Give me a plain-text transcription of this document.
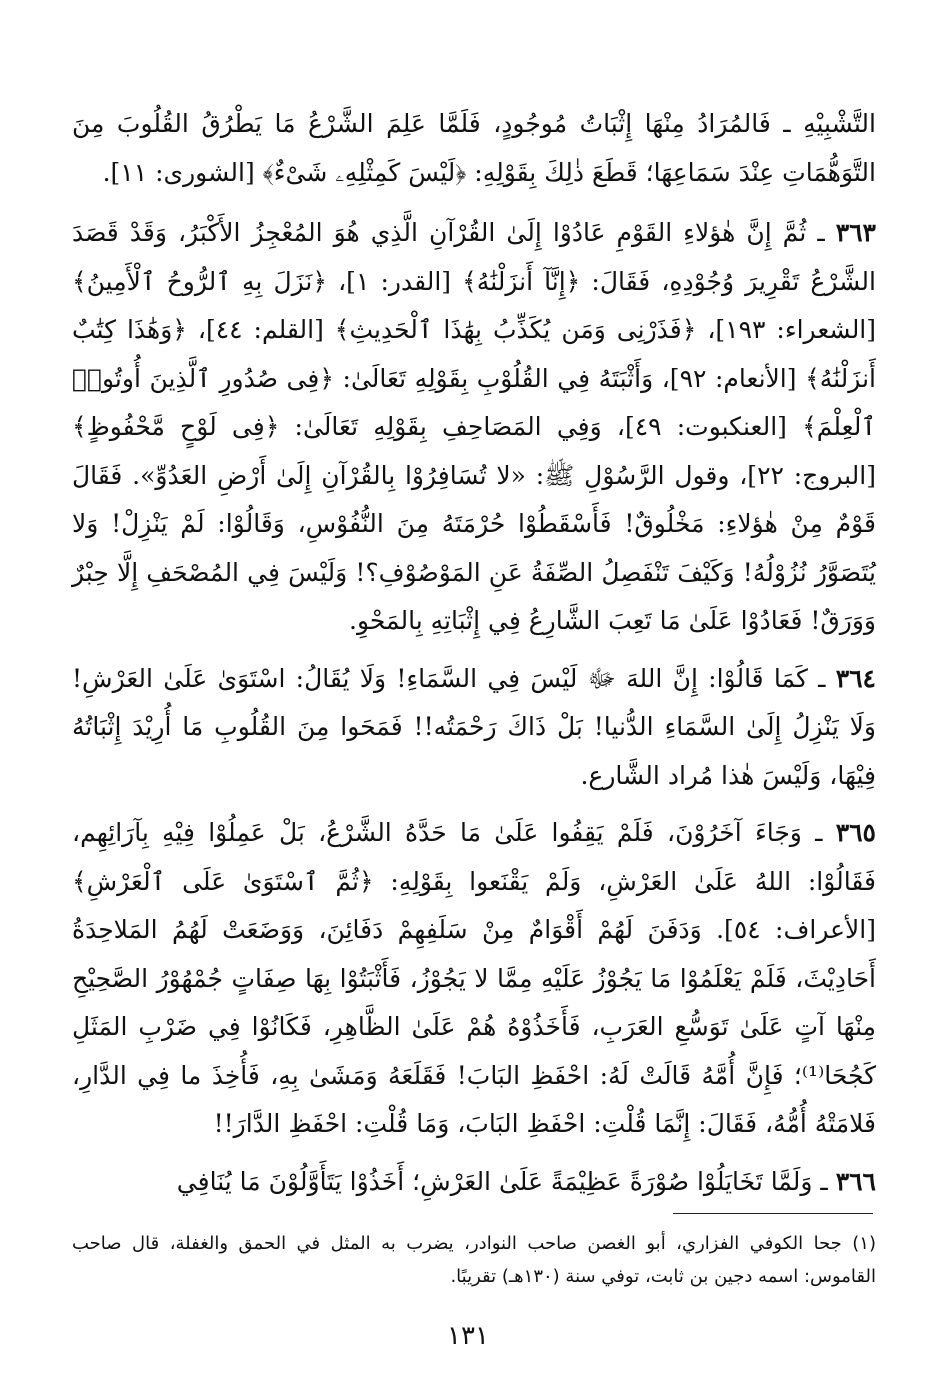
التَّشْبِيْهِ ـ فَالمُرَادُ مِنْهَا إِثْبَاتُ مُوجُودٍ، فَلَمَّا عَلِمَ الشَّرْعُ مَا يَطْرُقُ القُلُوبَ مِنَ التَّوَهُّمَاتِ عِنْدَ سَمَاعِهَا؛ قَطَعَ ذٰلِكَ بِقَوْلِهِ: ﴿لَيْسَ كَمِثْلِهِۦ شَىْءٌ﴾ [الشورى: ١١].

٣٦٣ ـ ثُمَّ إِنَّ هٰؤلاءِ القَوْمِ عَادُوْا إِلَىٰ القُرْآنِ الَّذِي هُوَ المُعْجِزُ الأَكْبَرُ، وَقَدْ قَصَدَ الشَّرْعُ تَقْرِيرَ وُجُوْدِهِ، فَقَالَ: ﴿إِنَّآ أَنزَلْنَٰهُ﴾ [القدر: ١]، ﴿نَزَلَ بِهِ ٱلرُّوحُ ٱلْأَمِينُ﴾ [الشعراء: ١٩٣]، ﴿فَذَرْنِى وَمَن يُكَذِّبُ بِهَٰذَا ٱلْحَدِيثِ﴾ [القلم: ٤٤]، ﴿وَهَٰذَا كِتَٰبٌ أَنزَلْنَٰهُ﴾ [الأنعام: ٩٢]، وَأَثْبَتَهُ فِي القُلُوْبِ بِقَوْلِهِ تَعَالَىٰ: ﴿فِى صُدُورِ ٱلَّذِينَ أُوتُوا۟ ٱلْعِلْمَ﴾ [العنكبوت: ٤٩]، وَفِي المَصَاحِفِ بِقَوْلِهِ تَعَالَىٰ: ﴿فِى لَوْحٍ مَّحْفُوظٍ﴾ [البروج: ٢٢]، وقول الرَّسُوْلِ ﷺ: «لا تُسَافِرُوْا بِالقُرْآنِ إِلَىٰ أَرْضِ العَدُوِّ». فَقَالَ قَوْمٌ مِنْ هٰؤلاءِ: مَخْلُوقٌ! فَأَسْقَطُوْا حُرْمَتَهُ مِنَ النُّفُوْسِ، وَقَالُوْا: لَمْ يَنْزِلْ! وَلا يُتَصَوَّرُ نُزُوْلُهُ! وَكَيْفَ تَنْفَصِلُ الصِّفَةُ عَنِ المَوْصُوْفِ؟! وَلَيْسَ فِي المُصْحَفِ إِلَّا حِبْرٌ وَوَرَقٌ! فَعَادُوْا عَلَىٰ مَا تَعِبَ الشَّارِعُ فِي إِثْبَاتِهِ بِالمَحْوِ.

٣٦٤ ـ كَمَا قَالُوْا: إِنَّ اللهَ ﷻ لَيْسَ فِي السَّمَاءِ! وَلَا يُقَالُ: اسْتَوَىٰ عَلَىٰ العَرْشِ! وَلَا يَنْزِلُ إِلَىٰ السَّمَاءِ الدُّنيا! بَلْ ذَاكَ رَحْمَتُه!! فَمَحَوا مِنَ القُلُوبِ مَا أُرِيْدَ إِثْبَاتُهُ فِيْهَا، وَلَيْسَ هٰذا مُراد الشَّارع.

٣٦٥ ـ وَجَاءَ آخَرُوْنَ، فَلَمْ يَقِفُوا عَلَىٰ مَا حَدَّهُ الشَّرْعُ، بَلْ عَمِلُوْا فِيْهِ بِآرَائِهِم، فَقَالُوْا: اللهُ عَلَىٰ العَرْشِ، وَلَمْ يَقْنَعوا بِقَوْلِهِ: ﴿ثُمَّ ٱسْتَوَىٰ عَلَى ٱلْعَرْشِ﴾ [الأعراف: ٥٤]. وَدَفَنَ لَهُمْ أَقْوَامٌ مِنْ سَلَفِهِمْ دَفَائِنَ، وَوَضَعَتْ لَهُمُ المَلاحِدَةُ أَحَادِيْثَ، فَلَمْ يَعْلَمُوْا مَا يَجُوْزُ عَلَيْهِ مِمَّا لا يَجُوْزُ، فَأَثْبَتُوْا بِهَا صِفَاتٍ جُمْهُوْرُ الصَّحِيْحِ مِنْهَا آتٍ عَلَىٰ تَوَسُّعِ العَرَبِ، فَأَخَذُوْهُ هُمْ عَلَىٰ الظَّاهِرِ، فَكَانُوْا فِي ضَرْبِ المَثَلِ كَجُحَا⁽¹⁾؛ فَإِنَّ أُمَّهُ قَالَتْ لَهُ: احْفَظِ البَابَ! فَقَلَعَهُ وَمَشَىٰ بِهِ، فَأُخِذَ ما فِي الدَّارِ، فَلامَتْهُ أُمُّهُ، فَقَالَ: إِنَّمَا قُلْتِ: احْفَظِ البَابَ، وَمَا قُلْتِ: احْفَظِ الدَّارَ!!

٣٦٦ ـ وَلَمَّا تَخَايَلُوْا صُوْرَةً عَظِيْمَةً عَلَىٰ العَرْشِ؛ أَخَذُوْا يَتَأَوَّلُوْنَ مَا يُنَافِي

(١) جحا الكوفي الفزاري، أبو الغصن صاحب النوادر، يضرب به المثل في الحمق والغفلة، قال صاحب القاموس: اسمه دجين بن ثابت، توفي سنة (١٣٠هـ) تقريبًا.
١٣١
